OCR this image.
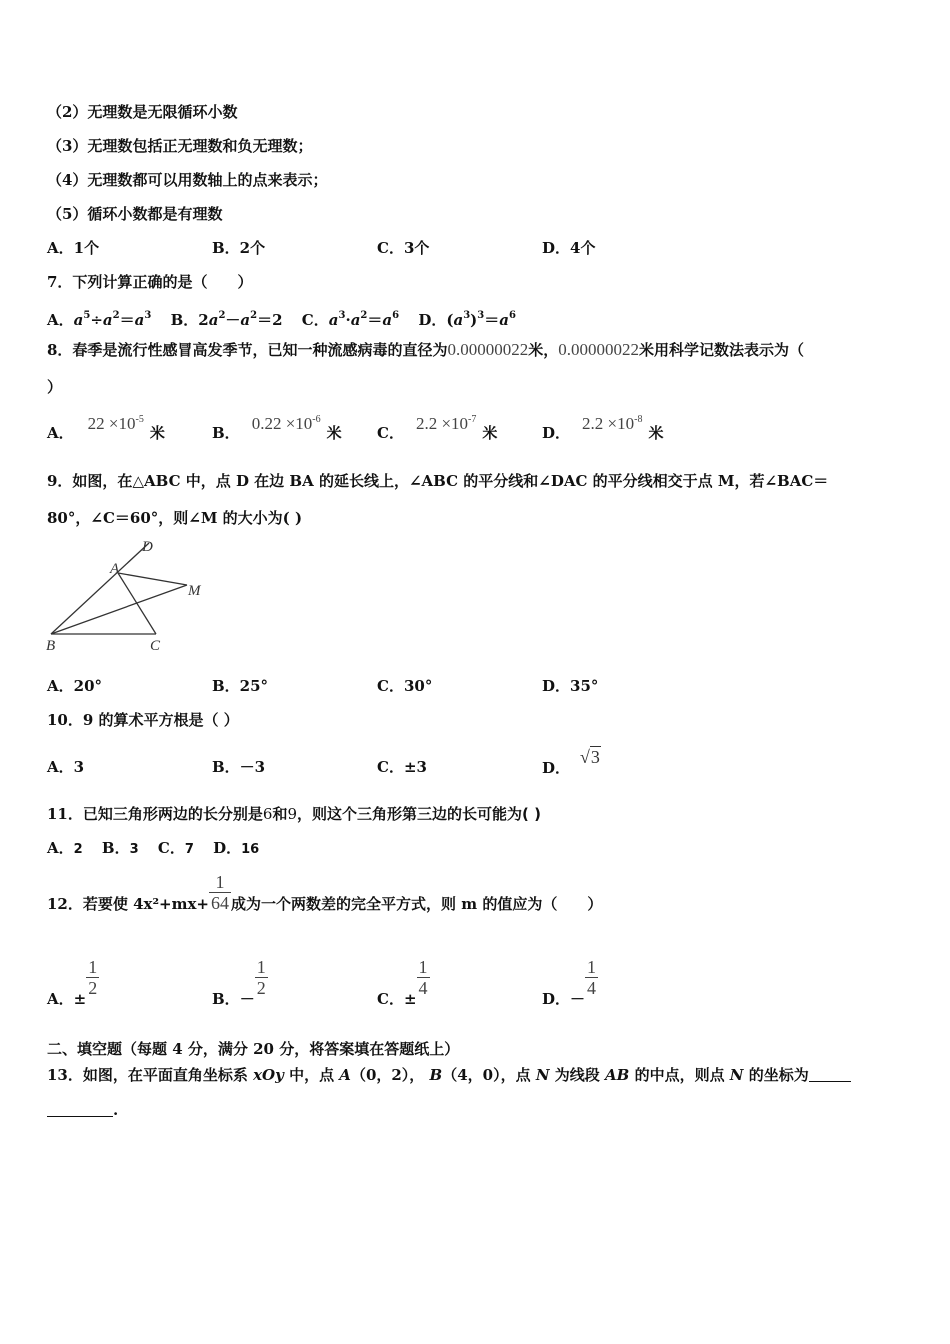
（2）无理数是无限循环小数
（3）无理数包括正无理数和负无理数；
（4）无理数都可以用数轴上的点来表示；
（5）循环小数都是有理数
A．1个	B．2个	C．3个	D．4个
7．下列计算正确的是（　　）
A．$a^5\div a^2=a^3$ B．$2a^2-a^2=2$ C．$a^3\cdot a^2=a^6$ D．$(a^3)^3=a^6$
8．春季是流行性感冒高发季节，已知一种流感病毒的直径为0.00000022米，0.00000022米用科学记数法表示为（
）
A． $22 \times 10^{-5}$米	B． $0.22 \times 10^{-6}$米 C． $2.2 \times 10^{-7}$米	D． $2.2 \times 10^{-8}$米
9．如图，在△ABC 中，点 D 在边 BA 的延长线上，∠ABC 的平分线和∠DAC 的平分线相交于点 M，若∠BAC＝
80°，∠C＝60°，则∠M 的大小为( )
D
A
M
B	C
A．20°	B．25°	C．30°	D．35°
10．9 的算术平方根是（ ）
A．3	B．－3	C．±3	D．√3
11．已知三角形两边的长分别是6和9，则这个三角形第三边的长可能为( )
A．2 B．3 C．7 D．16
12．若要使 $4x^2+mx+ \frac{1}{64}$ 成为一个两数差的完全平方式，则 m 的值应为（　　）
A．±
$\frac{1}{2}$
B．－
$\frac{1}{2}$
C．±
$\frac{1}{4}$
D．－
$\frac{1}{4}$
二、填空题（每题 4 分，满分 20 分，将答案填在答题纸上）
13．如图，在平面直角坐标系 xOy 中，点 A（0，2）， B（4，0），点 N 为线段 AB 的中点，则点 N 的坐标为
.
